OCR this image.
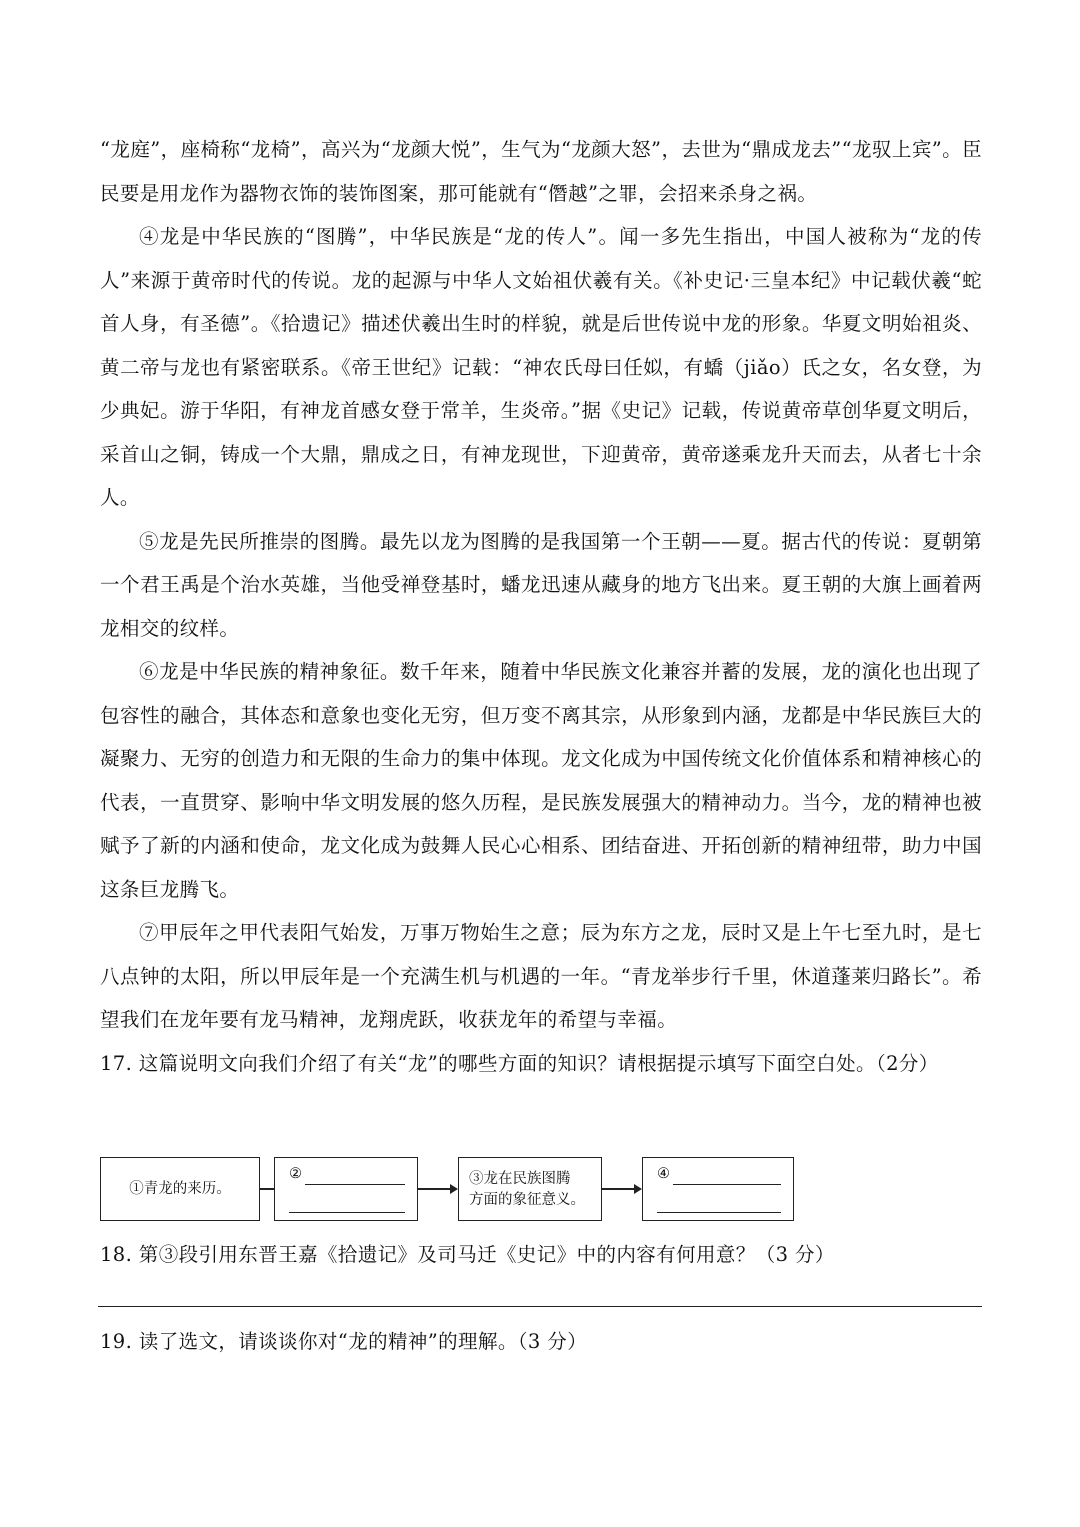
“龙庭”，座椅称“龙椅”，高兴为“龙颜大悦”，生气为“龙颜大怒”，去世为“鼎成龙去”“龙驭上宾”。臣民要是用龙作为器物衣饰的装饰图案，那可能就有“僭越”之罪，会招来杀身之祸。

④龙是中华民族的“图腾”，中华民族是“龙的传人”。闻一多先生指出，中国人被称为“龙的传人”来源于黄帝时代的传说。龙的起源与中华人文始祖伏羲有关。《补史记·三皇本纪》中记载伏羲“蛇首人身，有圣德”。《拾遗记》描述伏羲出生时的样貌，就是后世传说中龙的形象。华夏文明始祖炎、黄二帝与龙也有紧密联系。《帝王世纪》记载：“神农氏母曰任姒，有蟜（jiǎo）氏之女，名女登，为少典妃。游于华阳，有神龙首感女登于常羊，生炎帝。”据《史记》记载，传说黄帝草创华夏文明后，采首山之铜，铸成一个大鼎，鼎成之日，有神龙现世，下迎黄帝，黄帝遂乘龙升天而去，从者七十余人。

⑤龙是先民所推崇的图腾。最先以龙为图腾的是我国第一个王朝——夏。据古代的传说：夏朝第一个君王禹是个治水英雄，当他受禅登基时，蟠龙迅速从藏身的地方飞出来。夏王朝的大旗上画着两龙相交的纹样。

⑥龙是中华民族的精神象征。数千年来，随着中华民族文化兼容并蓄的发展，龙的演化也出现了包容性的融合，其体态和意象也变化无穷，但万变不离其宗，从形象到内涵，龙都是中华民族巨大的凝聚力、无穷的创造力和无限的生命力的集中体现。龙文化成为中国传统文化价值体系和精神核心的代表，一直贯穿、影响中华文明发展的悠久历程，是民族发展强大的精神动力。当今，龙的精神也被赋予了新的内涵和使命，龙文化成为鼓舞人民心心相系、团结奋进、开拓创新的精神纽带，助力中国这条巨龙腾飞。

⑦甲辰年之甲代表阳气始发，万事万物始生之意；辰为东方之龙，辰时又是上午七至九时，是七八点钟的太阳，所以甲辰年是一个充满生机与机遇的一年。“青龙举步行千里，休道蓬莱归路长”。希望我们在龙年要有龙马精神，龙翔虎跃，收获龙年的希望与幸福。

17. 这篇说明文向我们介绍了有关“龙”的哪些方面的知识？请根据提示填写下面空白处。（2分）

①青龙的来历。
②	③龙在民族图腾
方面的象征意义。
④

18. 第③段引用东晋王嘉《拾遗记》及司马迁《史记》中的内容有何用意？（3 分）

19. 读了选文，请谈谈你对“龙的精神”的理解。（3 分）
